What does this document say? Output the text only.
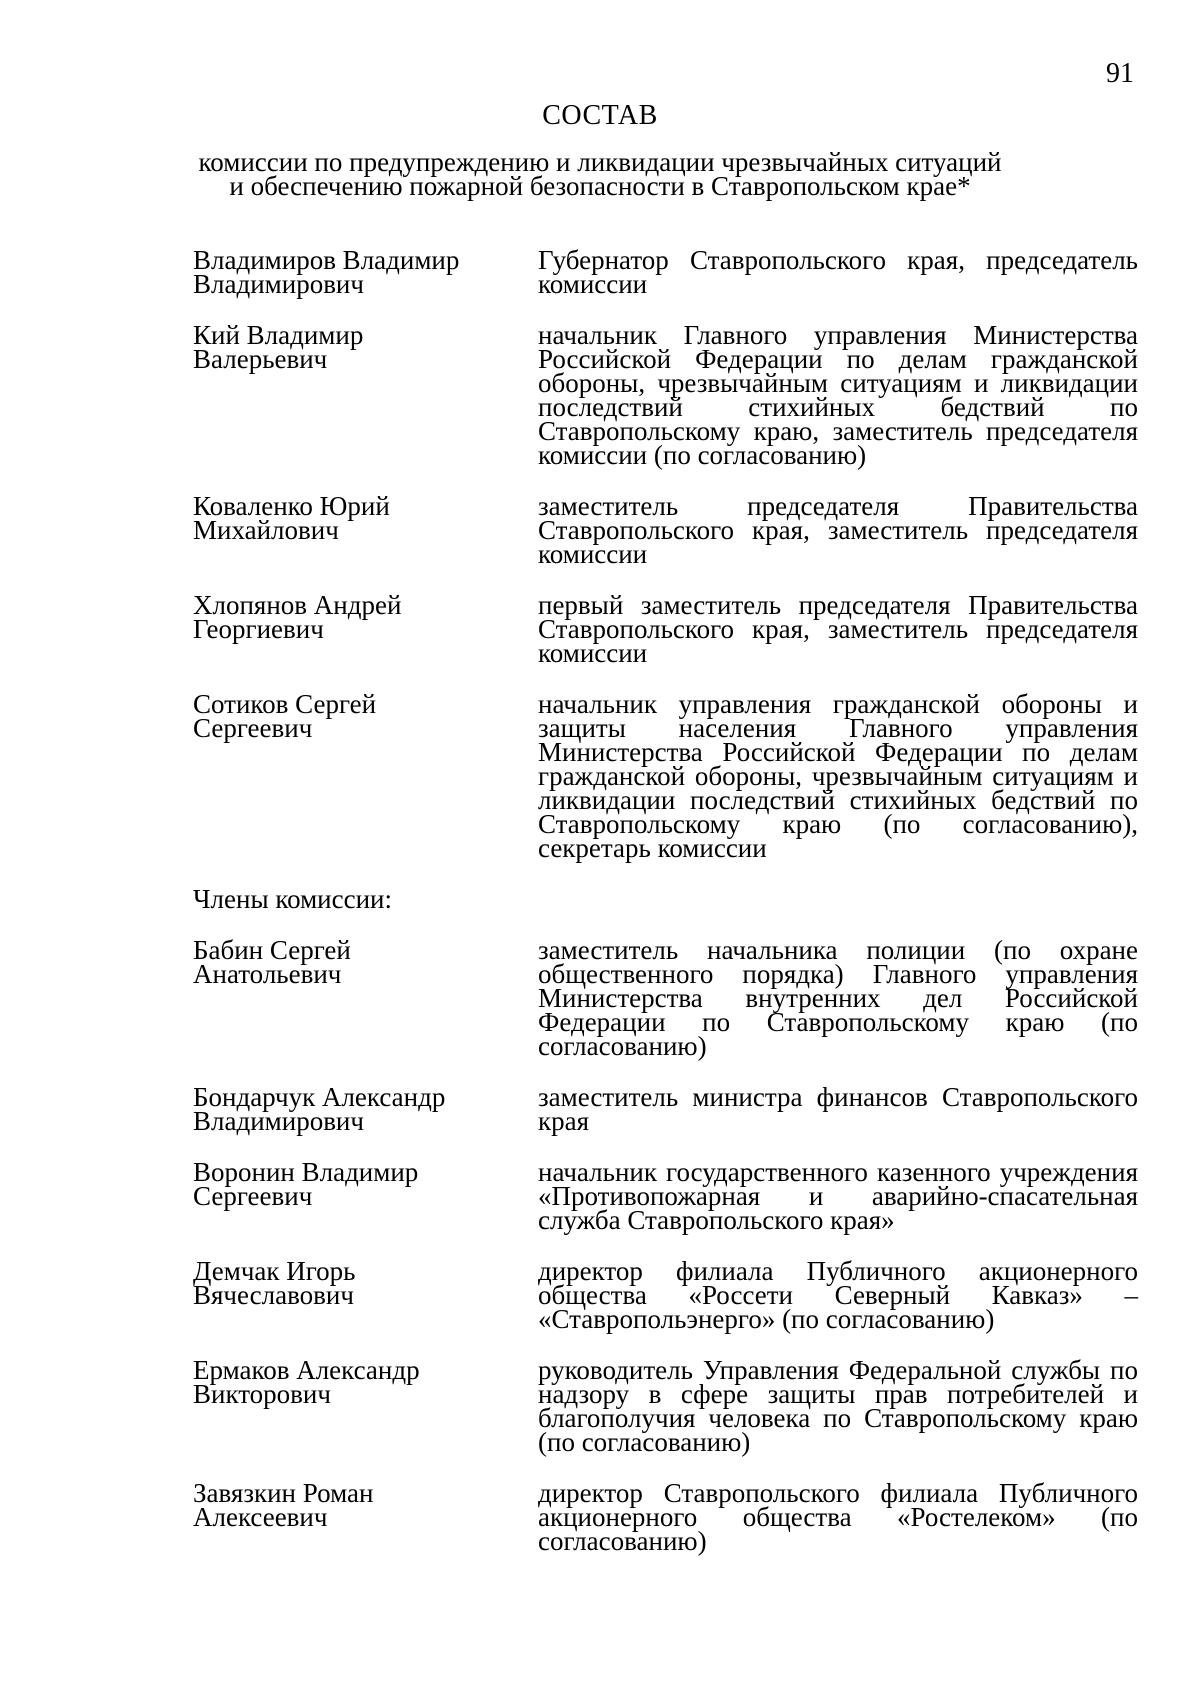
91
СОСТАВ
комиссии по предупреждению и ликвидации чрезвычайных ситуаций
и обеспечению пожарной безопасности в Ставропольском крае*
Владимиров Владимир
Владимирович
Губернатор Ставропольского края, председатель комиссии
Кий Владимир
Валерьевич
начальник Главного управления Министерства Российской Федерации по делам гражданской обороны, чрезвычайным ситуациям и ликвидации последствий стихийных бедствий по Ставропольскому краю, заместитель председателя комиссии (по согласованию)
Коваленко Юрий
Михайлович
заместитель председателя Правительства Ставропольского края, заместитель председателя комиссии
Хлопянов Андрей
Георгиевич
первый заместитель председателя Правительства Ставропольского края, заместитель председателя комиссии
Сотиков Сергей
Сергеевич
начальник управления гражданской обороны и защиты населения Главного управления Министерства Российской Федерации по делам гражданской обороны, чрезвычайным ситуациям и ликвидации последствий стихийных бедствий по Ставропольскому краю (по согласованию), секретарь комиссии
Члены комиссии:
Бабин Сергей
Анатольевич
заместитель начальника полиции (по охране общественного порядка) Главного управления Министерства внутренних дел Российской Федерации по Ставропольскому краю (по согласованию)
Бондарчук Александр
Владимирович
заместитель министра финансов Ставропольского края
Воронин Владимир
Сергеевич
начальник государственного казенного учреждения «Противопожарная и аварийно-спасательная служба Ставропольского края»
Демчак Игорь
Вячеславович
директор филиала Публичного акционерного общества «Россети Северный Кавказ» – «Ставропольэнерго» (по согласованию)
Ермаков Александр
Викторович
руководитель Управления Федеральной службы по надзору в сфере защиты прав потребителей и благополучия человека по Ставропольскому краю (по согласованию)
Завязкин Роман
Алексеевич
директор Ставропольского филиала Публичного акционерного общества «Ростелеком» (по согласованию)
